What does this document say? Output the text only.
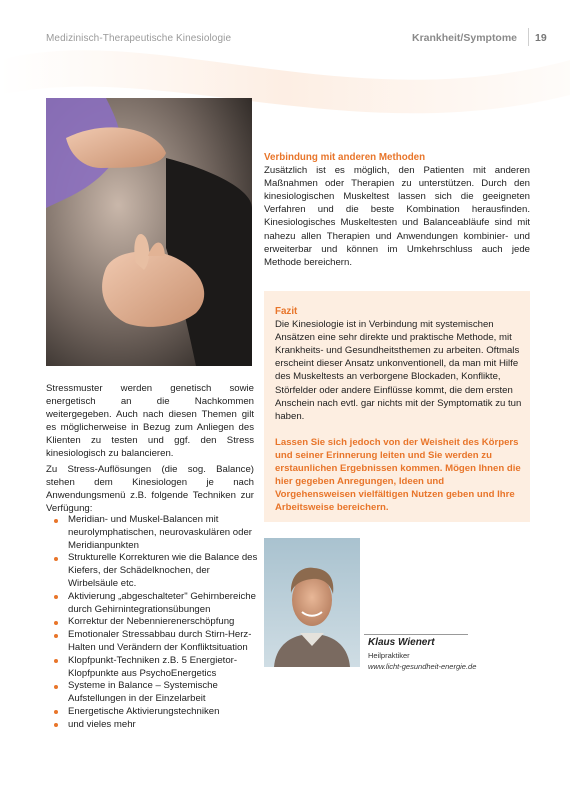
Medizinisch-Therapeutische Kinesiologie	Krankheit/Symptome 19

Stressmuster werden genetisch sowie energetisch an die Nachkommen weitergegeben. Auch nach diesen Themen gilt es möglicherweise in Bezug zum Anliegen des Klienten zu testen und ggf. den Stress kinesiologisch zu balancieren.

Zu Stress-Auflösungen (die sog. Balance) stehen dem Kinesiologen je nach Anwendungsmenü z.B. folgende Techniken zur Verfügung:

Meridian- und Muskel-Balancen mit neurolymphatischen, neurovaskulären oder Meridianpunkten
Strukturelle Korrekturen wie die Balance des Kiefers, der Schädelknochen, der Wirbelsäule etc.
Aktivierung „abgeschalteter" Gehirnbereiche durch Gehirnintegrationsübungen
Korrektur der Nebennierenerschöpfung
Emotionaler Stressabbau durch Stirn-Herz-Halten und Verändern der Konfliktsituation
Klopfpunkt-Techniken z.B. 5 Energietor-Klopfpunkte aus PsychoEnergetics
Systeme in Balance – Systemische Aufstellungen in der Einzelarbeit
Energetische Aktivierungstechniken
und vieles mehr

Verbindung mit anderen Methoden

Zusätzlich ist es möglich, den Patienten mit anderen Maßnahmen oder Therapien zu unterstützen. Durch den kinesiologischen Muskeltest lassen sich die geeigneten Verfahren und die beste Kombination herausfinden. Kinesiologisches Muskeltesten und Balanceabläufe sind mit nahezu allen Therapien und Anwendungen kombinier- und erweiterbar und können im Umkehrschluss auch jede Methode bereichern.

Fazit

Die Kinesiologie ist in Verbindung mit systemischen Ansätzen eine sehr direkte und praktische Methode, mit Krankheits- und Gesundheitsthemen zu arbeiten. Oftmals erscheint dieser Ansatz unkonventionell, da man mit Hilfe des Muskeltests an verborgene Blockaden, Konflikte, Störfelder oder andere Einflüsse kommt, die dem ersten Anschein nach evtl. gar nichts mit der Symptomatik zu tun haben.

Lassen Sie sich jedoch von der Weisheit des Körpers und seiner Erinnerung leiten und Sie werden zu erstaunlichen Ergebnissen kommen. Mögen Ihnen die hier gegeben Anregungen, Ideen und Vorgehensweisen vielfältigen Nutzen geben und Ihre Arbeitsweise bereichern.

Klaus Wienert
Heilpraktiker
www.licht-gesundheit-energie.de
